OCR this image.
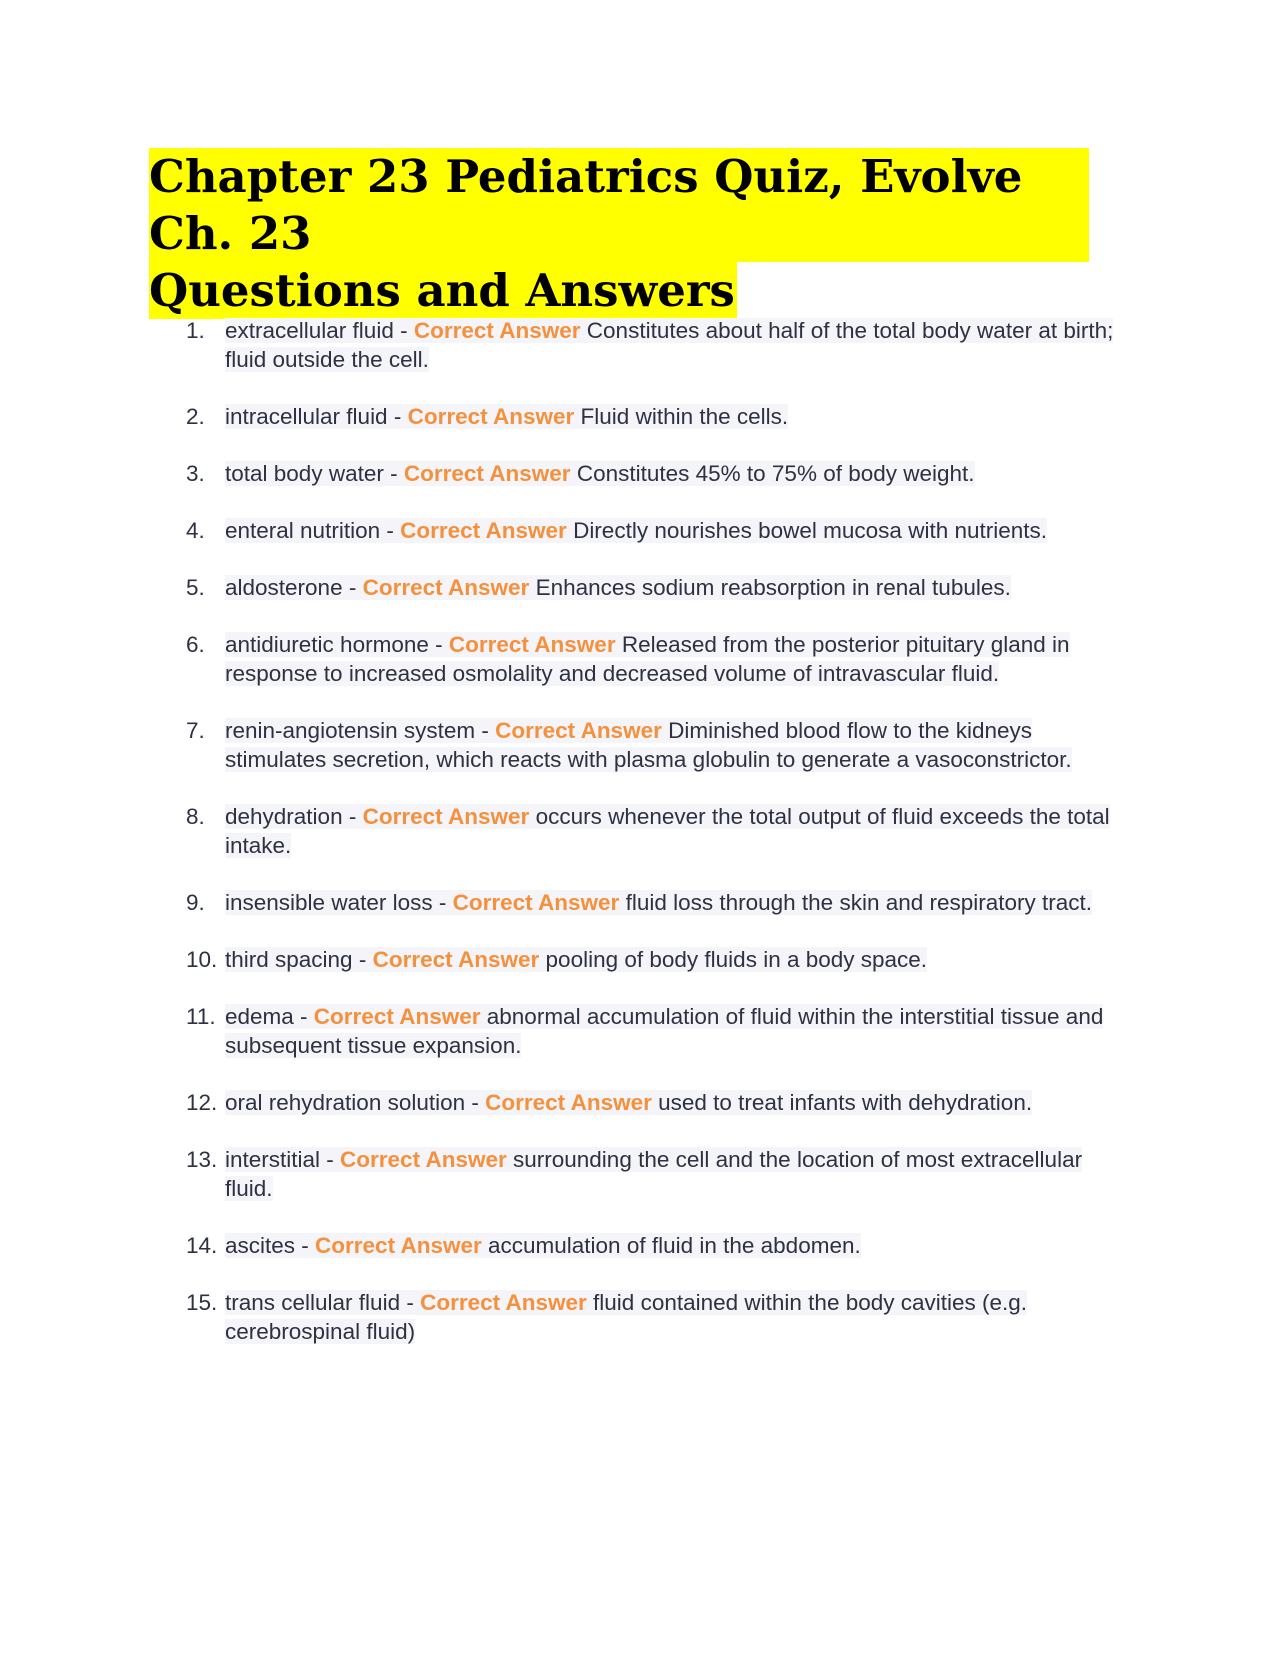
Chapter 23 Pediatrics Quiz, Evolve Ch. 23
Questions and Answers
1. extracellular fluid - Correct Answer Constitutes about half of the total body water at birth; fluid outside the cell.
2. intracellular fluid - Correct Answer Fluid within the cells.
3. total body water - Correct Answer Constitutes 45% to 75% of body weight.
4. enteral nutrition - Correct Answer Directly nourishes bowel mucosa with nutrients.
5. aldosterone - Correct Answer Enhances sodium reabsorption in renal tubules.
6. antidiuretic hormone - Correct Answer Released from the posterior pituitary gland in response to increased osmolality and decreased volume of intravascular fluid.
7. renin-angiotensin system - Correct Answer Diminished blood flow to the kidneys stimulates secretion, which reacts with plasma globulin to generate a vasoconstrictor.
8. dehydration - Correct Answer occurs whenever the total output of fluid exceeds the total intake.
9. insensible water loss - Correct Answer fluid loss through the skin and respiratory tract.
10. third spacing - Correct Answer pooling of body fluids in a body space.
11. edema - Correct Answer abnormal accumulation of fluid within the interstitial tissue and subsequent tissue expansion.
12. oral rehydration solution - Correct Answer used to treat infants with dehydration.
13. interstitial - Correct Answer surrounding the cell and the location of most extracellular fluid.
14. ascites - Correct Answer accumulation of fluid in the abdomen.
15. trans cellular fluid - Correct Answer fluid contained within the body cavities (e.g. cerebrospinal fluid)
